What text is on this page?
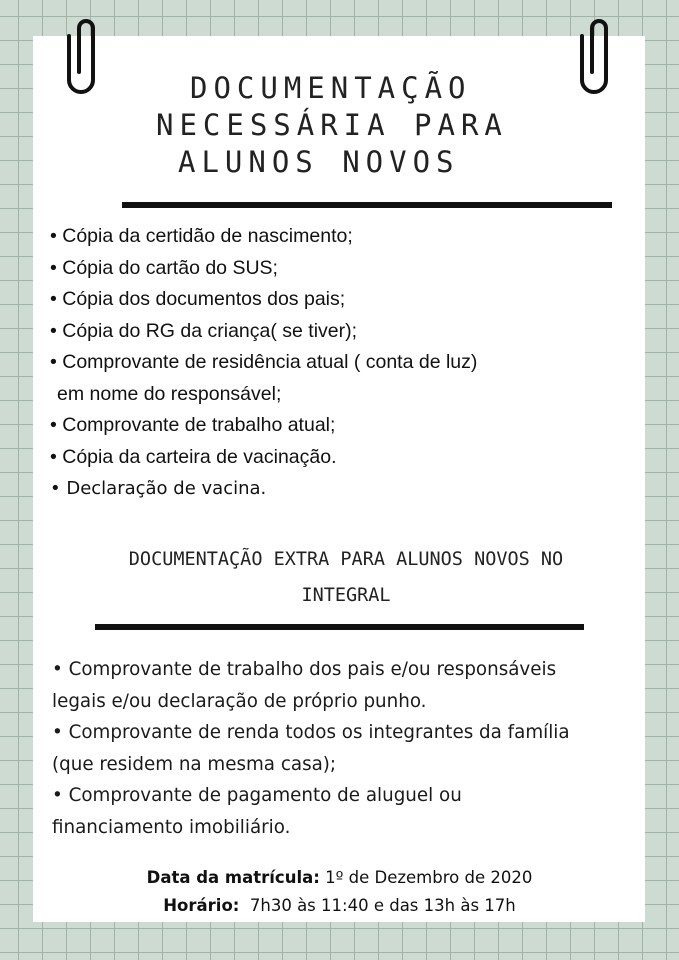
DOCUMENTAÇÃO
NECESSÁRIA PARA
ALUNOS NOVOS
• Cópia da certidão de nascimento;
• Cópia do cartão do SUS;
• Cópia dos documentos dos pais;
• Cópia do RG da criança( se tiver);
• Comprovante de residência atual ( conta de luz)
em nome do responsável;
• Comprovante de trabalho atual;
• Cópia da carteira de vacinação.
• Declaração de vacina.
DOCUMENTAÇÃO EXTRA PARA ALUNOS NOVOS NO
INTEGRAL
• Comprovante de trabalho dos pais e/ou responsáveis
legais e/ou declaração de próprio punho.
• Comprovante de renda todos os integrantes da família
(que residem na mesma casa);
• Comprovante de pagamento de aluguel ou
financiamento imobiliário.
Data da matrícula: 1º de Dezembro de 2020
Horário:  7h30 às 11:40 e das 13h às 17h
